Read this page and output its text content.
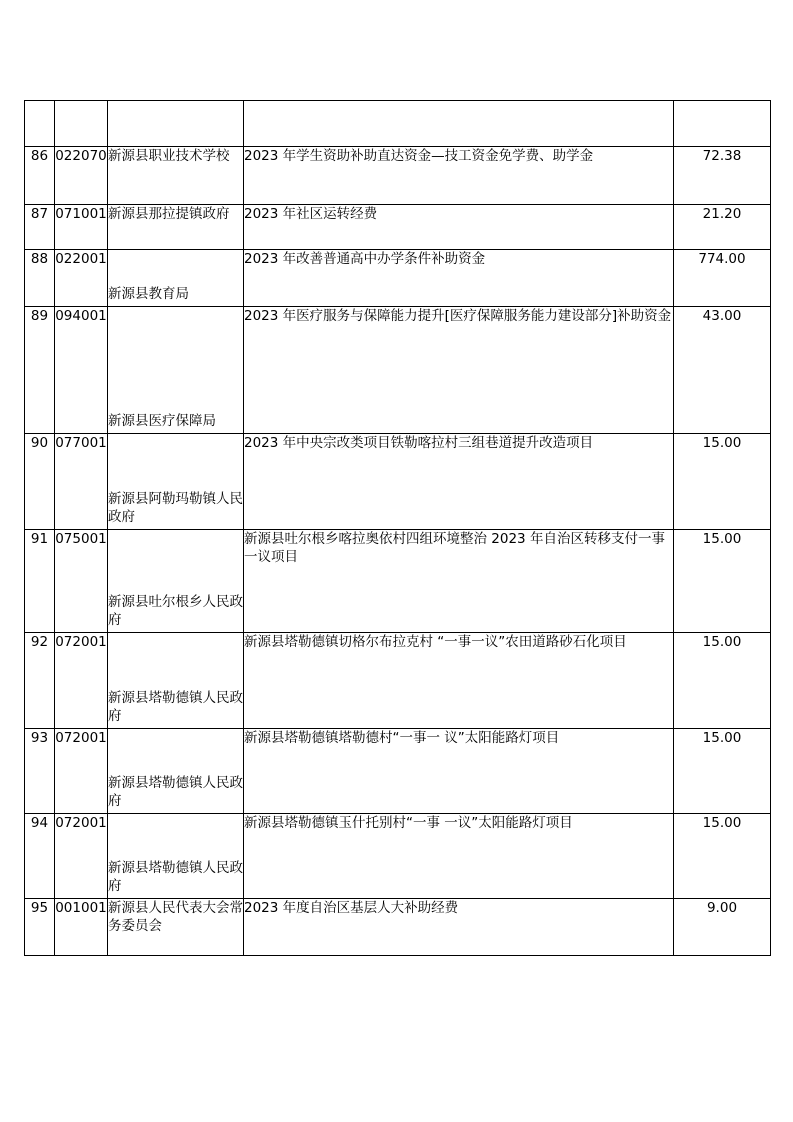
86	022070	新源县职业技术学校	2023 年学生资助补助直达资金—技工资金免学费、助学金	72.38
87	071001	新源县那拉提镇政府	2023 年社区运转经费	21.20
88	022001	新源县教育局	2023 年改善普通高中办学条件补助资金	774.00
89	094001	新源县医疗保障局	2023 年医疗服务与保障能力提升[医疗保障服务能力建设部分]补助资金	43.00
90	077001	新源县阿勒玛勒镇人民政府	2023 年中央宗改类项目铁勒喀拉村三组巷道提升改造项目	15.00
91	075001	新源县吐尔根乡人民政府	新源县吐尔根乡喀拉奥依村四组环境整治 2023 年自治区转移支付一事一议项目	15.00
92	072001	新源县塔勒德镇人民政府	新源县塔勒德镇切格尔布拉克村 “一事一议”农田道路砂石化项目	15.00
93	072001	新源县塔勒德镇人民政府	新源县塔勒德镇塔勒德村“一事一 议”太阳能路灯项目	15.00
94	072001	新源县塔勒德镇人民政府	新源县塔勒德镇玉什托别村“一事 一议”太阳能路灯项目	15.00
95	001001	新源县人民代表大会常务委员会	2023 年度自治区基层人大补助经费	9.00
